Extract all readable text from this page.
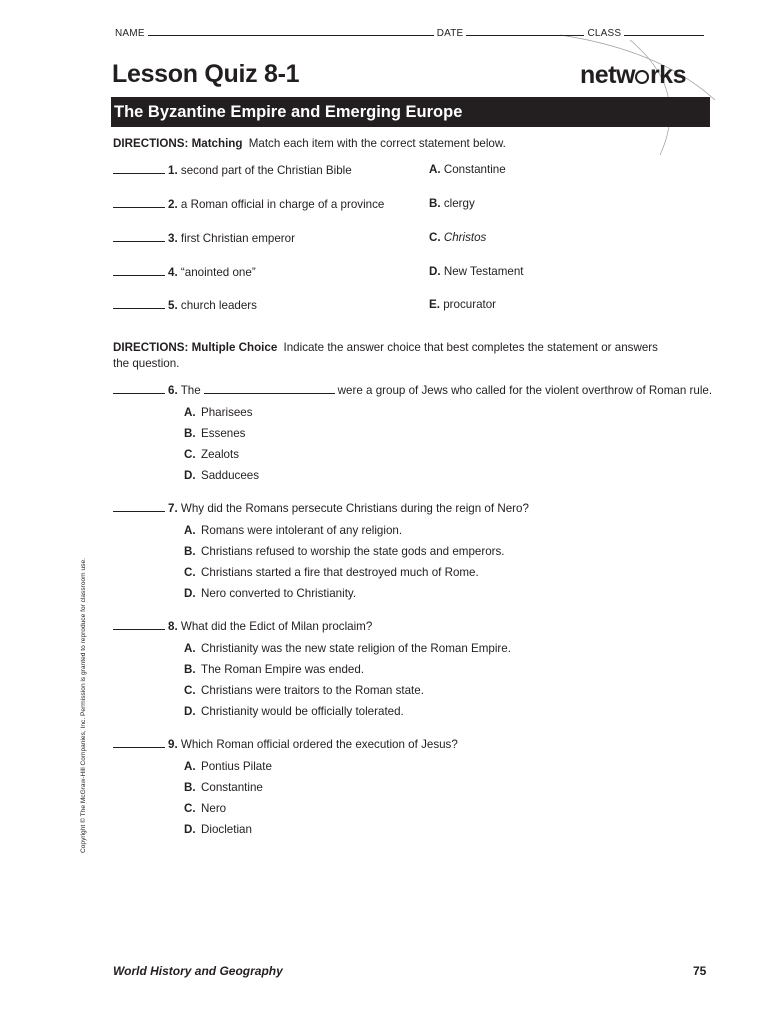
NAME	DATE	CLASS
Lesson Quiz 8-1	netw rks
The Byzantine Empire and Emerging Europe
DIRECTIONS: Matching Match each item with the correct statement below.
1. second part of the Christian Bible	A. Constantine
2. a Roman official in charge of a province	B. clergy
3. first Christian emperor	C. Christos
4. “anointed one”	D. New Testament
5. church leaders	E. procurator
DIRECTIONS: Multiple Choice Indicate the answer choice that best completes the statement or answers
the question.
6. The	were a group of Jews who called for the violent overthrow of Roman rule.
A. Pharisees
B. Essenes
C. Zealots
D. Sadducees
7. Why did the Romans persecute Christians during the reign of Nero?
A. Romans were intolerant of any religion.
B. Christians refused to worship the state gods and emperors.
C. Christians started a fire that destroyed much of Rome.
D. Nero converted to Christianity.
8. What did the Edict of Milan proclaim?
A. Christianity was the new state religion of the Roman Empire.
B. The Roman Empire was ended.
C. Christians were traitors to the Roman state.
D. Christianity would be officially tolerated.
9. Which Roman official ordered the execution of Jesus?
A. Pontius Pilate
B. Constantine
C. Nero
D. Diocletian
Copyright © The McGraw-Hill Companies, Inc. Permission is granted to reproduce for classroom use.
World History and Geography	75
